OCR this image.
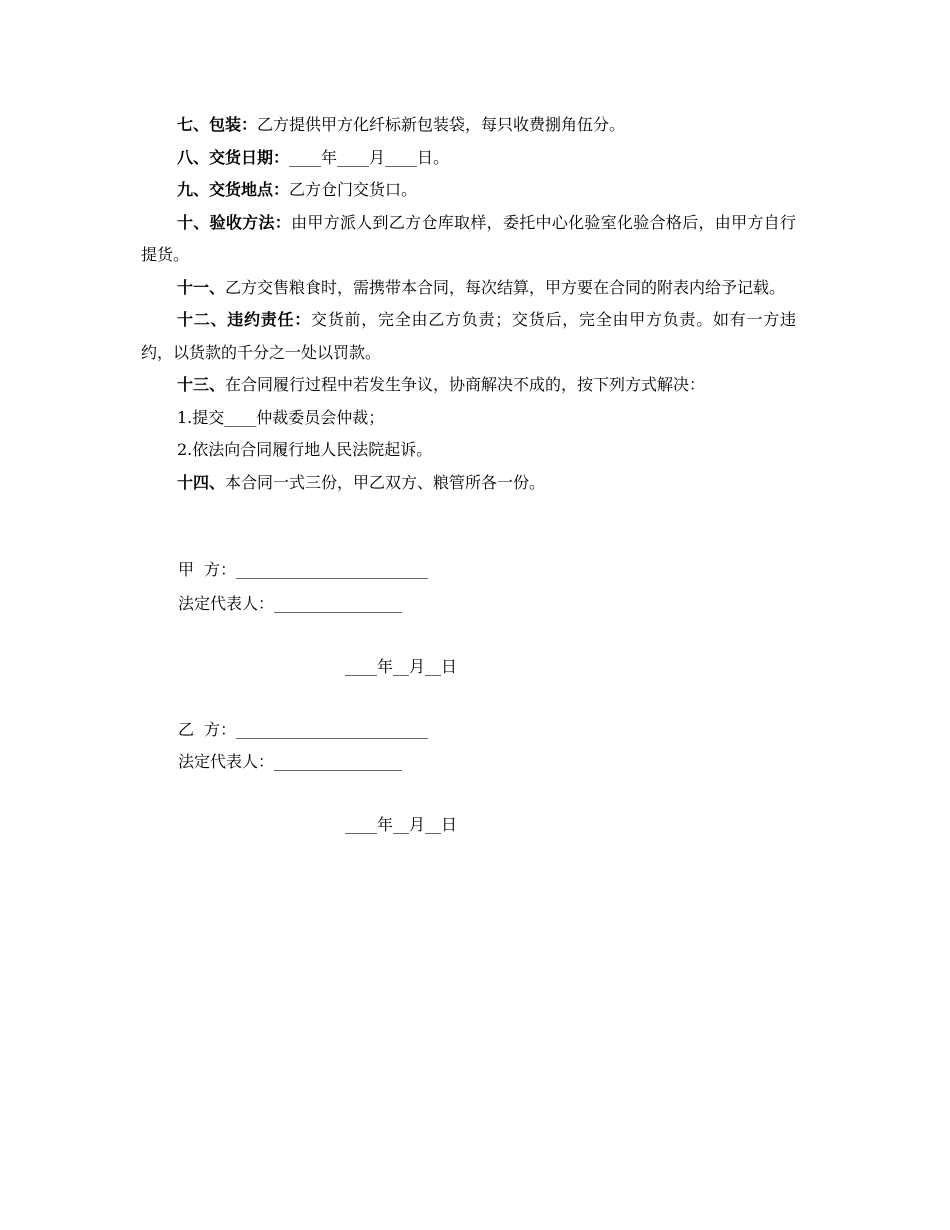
七、包装：乙方提供甲方化纤标新包装袋，每只收费捌角伍分。

八、交货日期：____年____月____日。

九、交货地点：乙方仓门交货口。

十、验收方法：由甲方派人到乙方仓库取样，委托中心化验室化验合格后，由甲方自行提货。

十一、乙方交售粮食时，需携带本合同，每次结算，甲方要在合同的附表内给予记载。

十二、违约责任：交货前，完全由乙方负责；交货后，完全由甲方负责。如有一方违约，以货款的千分之一处以罚款。

十三、在合同履行过程中若发生争议，协商解决不成的，按下列方式解决：

1.提交____仲裁委员会仲裁；

2.依法向合同履行地人民法院起诉。

十四、本合同一式三份，甲乙双方、粮管所各一份。

甲  方：________________________
法定代表人：________________
____年__月__日
乙  方：________________________
法定代表人：________________
____年__月__日
